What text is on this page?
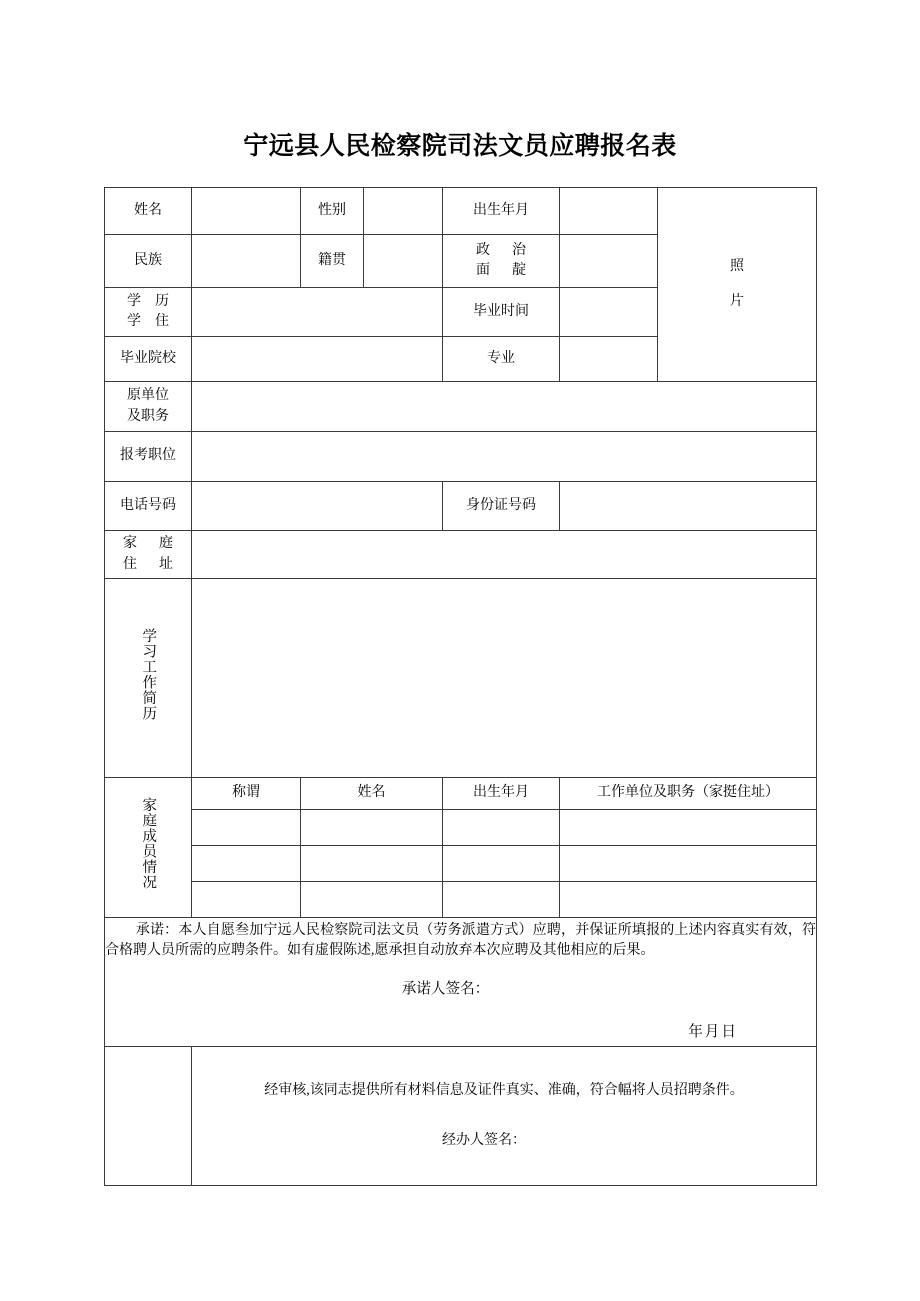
宁远县人民检察院司法文员应聘报名表
姓名		性别		出生年月		照
片

民族		籍贯		政 治
面 靛		

学 历
学 住				毕业时间		
毕业院校				专业		

原单位
及职务						

报考职位						
电话号码				身份证号码		

家 庭
住 址						

学习工作简历						
家庭成员情况	称谓	姓名		出生年月	工作单位及职务（家挺住址）	

承诺：本人自愿叁加宁远人民检察院司法文员（劳务派遣方式）应聘，并保证所填报的上述内容真实有效，符合格聘人员所需的应聘条件。如有虚假陈述,愿承担自动放弃本次应聘及其他相应的后果。

承诺人签名：
年月日						

	经审核,该同志提供所有材料信息及证件真实、准确，符合幅将人员招聘条件。
经办人签名：					
